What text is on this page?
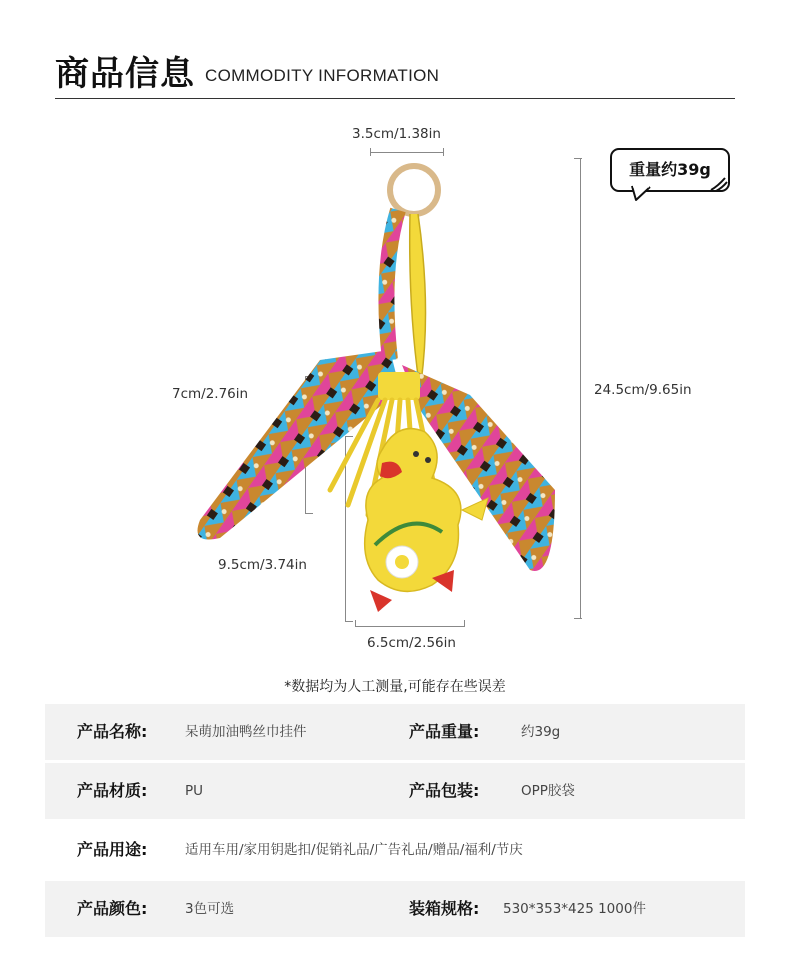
商品信息 COMMODITY INFORMATION
3.5cm/1.38in
24.5cm/9.65in
7cm/2.76in
9.5cm/3.74in
6.5cm/2.56in
重量约39g
*数据均为人工测量,可能存在些误差
产品名称:	呆萌加油鸭丝巾挂件	产品重量:	约39g
产品材质:	PU	产品包装:	OPP胶袋
产品用途:	适用车用/家用钥匙扣/促销礼品/广告礼品/赠品/福利/节庆
产品颜色:	3色可选	装箱规格: 530*353*425 1000件
